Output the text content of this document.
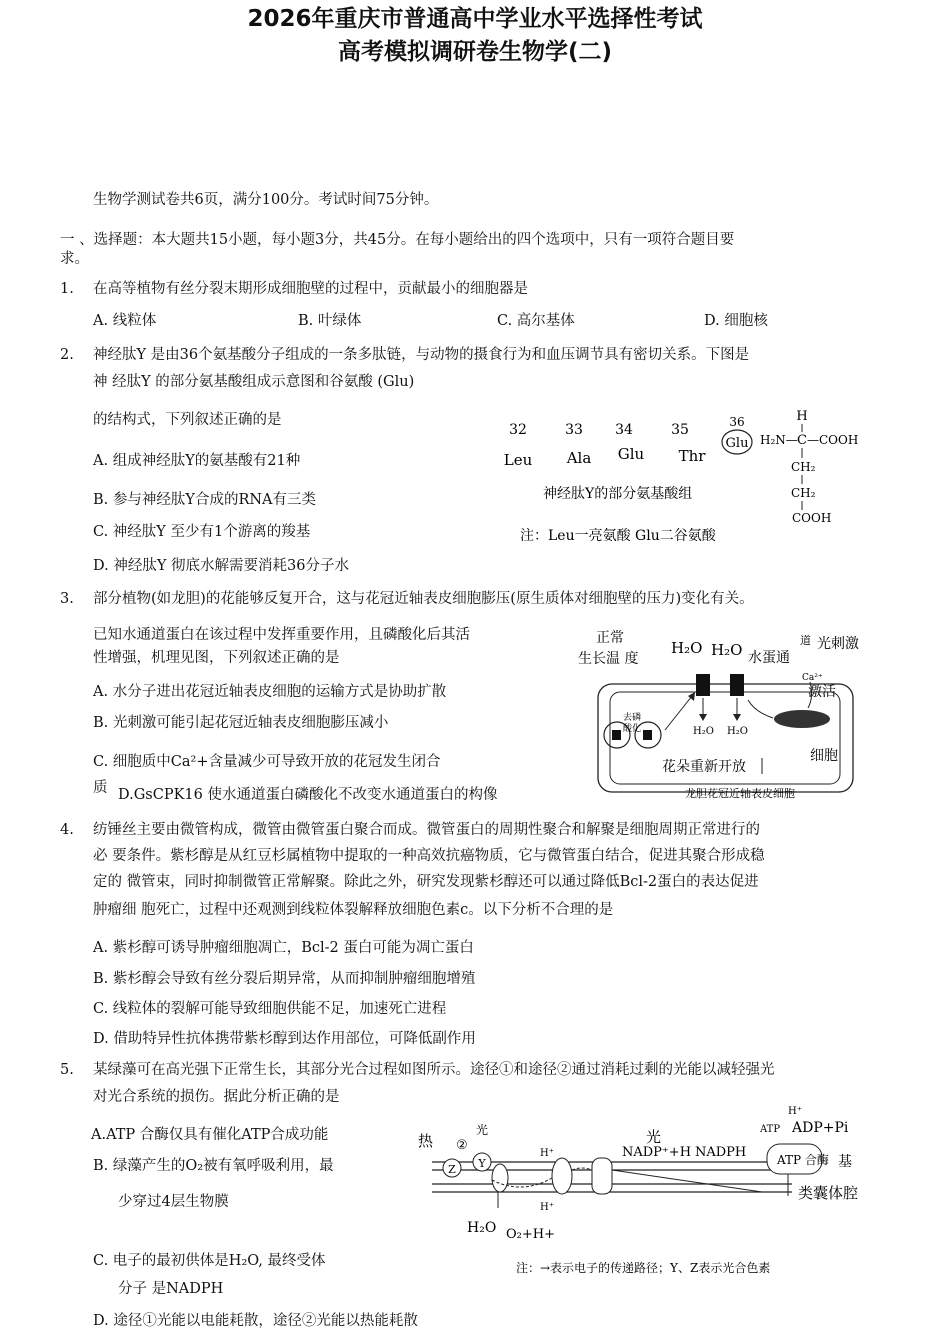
2026年重庆市普通高中学业水平选择性考试
高考模拟调研卷生物学(二)
生物学测试卷共6页，满分100分。考试时间75分钟。
一 、选择题：本大题共15小题，每小题3分，共45分。在每小题给出的四个选项中，只有一项符合题目要
求。
1. 在高等植物有丝分裂末期形成细胞壁的过程中，贡献最小的细胞器是
A. 线粒体	B. 叶绿体	C. 高尔基体	D. 细胞核
2. 神经肽Y 是由36个氨基酸分子组成的一条多肽链，与动物的摄食行为和血压调节具有密切关系。下图是
神 经肽Y 的部分氨基酸组成示意图和谷氨酸 (Glu)
的结构式，下列叙述正确的是
A. 组成神经肽Y的氨基酸有21种
B. 参与神经肽Y合成的RNA有三类
C. 神经肽Y 至少有1个游离的羧基
D. 神经肽Y 彻底水解需要消耗36分子水
32	33 34	35	36
Leu Ala Glu Thr
Glu
H
H₂N— C —COOH
CH₂
CH₂
COOH
神经肽Y的部分氨基酸组
注：Leu一亮氨酸 Glu二谷氨酸
3. 部分植物(如龙胆)的花能够反复开合，这与花冠近轴表皮细胞膨压(原生质体对细胞壁的压力)变化有关。
已知水通道蛋白在该过程中发挥重要作用，且磷酸化后其活
性增强，机理见图，下列叙述正确的是
A. 水分子进出花冠近轴表皮细胞的运输方式是协助扩散
B. 光刺激可能引起花冠近轴表皮细胞膨压减小
C. 细胞质中Ca²+含量减少可导致开放的花冠发生闭合
质 D.GsCPK16 使水通道蛋白磷酸化不改变水通道蛋白的构像
正常
生长温 度
H₂O H₂O 水蛋通
道 光刺激
Ca²⁺
激活
H₂O H₂O
去磷
酸化
细胞
花朵重新开放
龙胆花冠近轴表皮细胞
4. 纺锤丝主要由微管构成，微管由微管蛋白聚合而成。微管蛋白的周期性聚合和解聚是细胞周期正常进行的
必 要条件。紫杉醇是从红豆杉属植物中提取的一种高效抗癌物质，它与微管蛋白结合，促进其聚合形成稳
定的 微管束，同时抑制微管正常解聚。除此之外，研究发现紫杉醇还可以通过降低Bcl-2蛋白的表达促进
肿瘤细 胞死亡，过程中还观测到线粒体裂解释放细胞色素c。以下分析不合理的是
A. 紫杉醇可诱导肿瘤细胞凋亡，Bcl-2 蛋白可能为凋亡蛋白
B. 紫杉醇会导致有丝分裂后期异常，从而抑制肿瘤细胞增殖
C. 线粒体的裂解可能导致细胞供能不足，加速死亡进程
D. 借助特异性抗体携带紫杉醇到达作用部位，可降低副作用
5. 某绿藻可在高光强下正常生长，其部分光合过程如图所示。途径①和途径②通过消耗过剩的光能以减轻强光
对光合系统的损伤。据此分析正确的是
A.ATP 合酶仅具有催化ATP合成功能
B. 绿藻产生的O₂被有氧呼吸利用，最
少穿过4层生物膜
C. 电子的最初供体是H₂O, 最终受体
分子 是NADPH
D. 途径①光能以电能耗散，途径②光能以热能耗散
热 ②
光	光
Z Y
H⁺
H⁺
H⁺
NADP⁺+H NADPH
ATP ADP+Pi
ATP 合酶 基
类囊体腔
H₂O O₂+H+
注：→表示电子的传递路径；Y、Z表示光合色素
